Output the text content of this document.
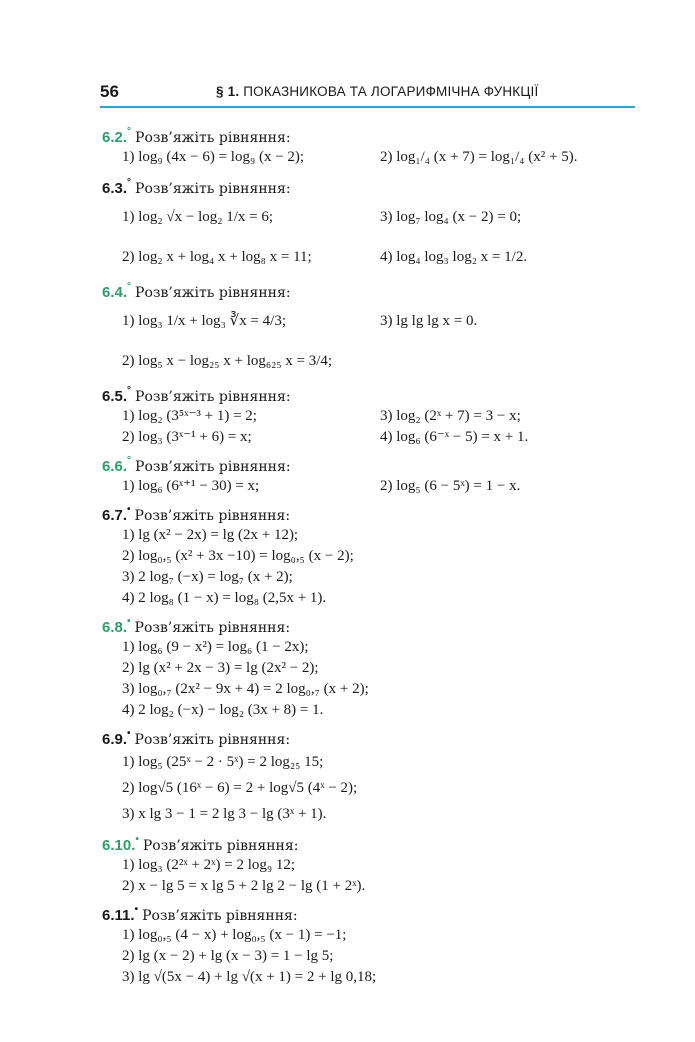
56	§ 1. ПОКАЗНИКОВА ТА ЛОГАРИФМІЧНА ФУНКЦІЇ
6.2.° Розв’яжіть рівняння:
1) log₉ (4x − 6) = log₉ (x − 2);	2) log₁/₄ (x + 7) = log₁/₄ (x² + 5).
6.3.° Розв’яжіть рівняння:
1) log₂ √x − log₂ 1/x = 6;	3) log₇ log₄ (x − 2) = 0;
2) log₂ x + log₄ x + log₈ x = 11;	4) log₄ log₃ log₂ x = 1/2.
6.4.° Розв’яжіть рівняння:
1) log₃ 1/x + log₃ ∛x = 4/3;	3) lg lg lg x = 0.
2) log₅ x − log₂₅ x + log₆₂₅ x = 3/4;
6.5.° Розв’яжіть рівняння:
1) log₂ (3⁵ˣ⁻³ + 1) = 2;	3) log₂ (2ˣ + 7) = 3 − x;
2) log₃ (3ˣ⁻¹ + 6) = x;	4) log₆ (6⁻ˣ − 5) = x + 1.
6.6.° Розв’яжіть рівняння:
1) log₆ (6ˣ⁺¹ − 30) = x;	2) log₅ (6 − 5ˣ) = 1 − x.
6.7.• Розв’яжіть рівняння:
1) lg (x² − 2x) = lg (2x + 12);
2) log₀,₅ (x² + 3x −10) = log₀,₅ (x − 2);
3) 2 log₇ (−x) = log₇ (x + 2);
4) 2 log₈ (1 − x) = log₈ (2,5x + 1).
6.8.• Розв’яжіть рівняння:
1) log₆ (9 − x²) = log₆ (1 − 2x);
2) lg (x² + 2x − 3) = lg (2x² − 2);
3) log₀,₇ (2x² − 9x + 4) = 2 log₀,₇ (x + 2);
4) 2 log₂ (−x) − log₂ (3x + 8) = 1.
6.9.• Розв’яжіть рівняння:
1) log₅ (25ˣ − 2 · 5ˣ) = 2 log₂₅ 15;
2) log√5 (16ˣ − 6) = 2 + log√5 (4ˣ − 2);
3) x lg 3 − 1 = 2 lg 3 − lg (3ˣ + 1).
6.10.• Розв’яжіть рівняння:
1) log₃ (2²ˣ + 2ˣ) = 2 log₉ 12;
2) x − lg 5 = x lg 5 + 2 lg 2 − lg (1 + 2ˣ).
6.11.• Розв’яжіть рівняння:
1) log₀,₅ (4 − x) + log₀,₅ (x − 1) = −1;
2) lg (x − 2) + lg (x − 3) = 1 − lg 5;
3) lg √(5x − 4) + lg √(x + 1) = 2 + lg 0,18;
